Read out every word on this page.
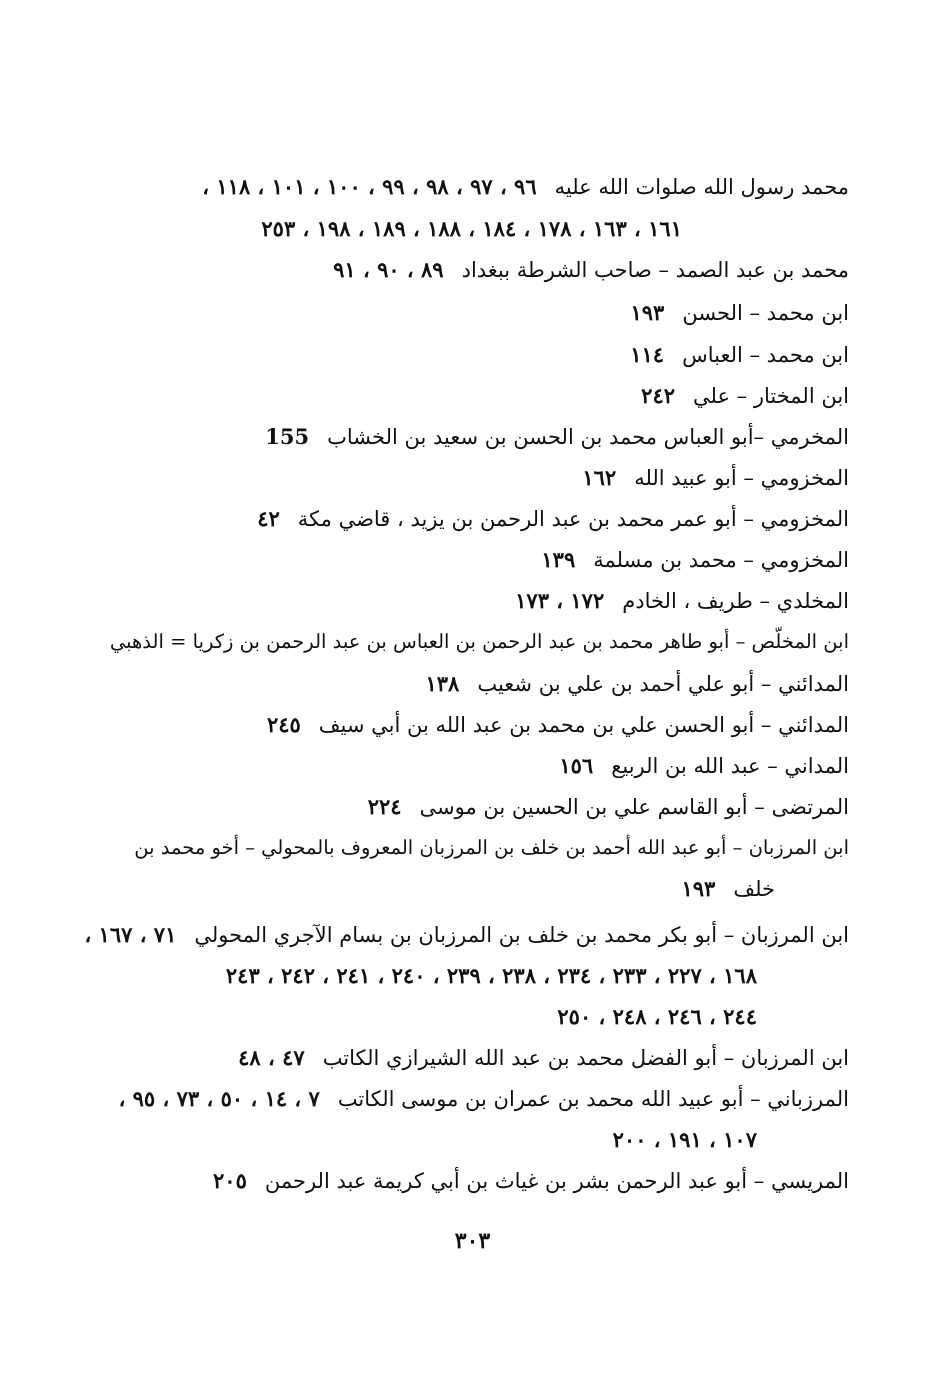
محمد رسول الله صلوات الله عليه٩٦ ، ٩٧ ، ٩٨ ، ٩٩ ، ١٠٠ ، ١٠١ ، ١١٨ ،
١٦١ ، ١٦٣ ، ١٧٨ ، ١٨٤ ، ١٨٨ ، ١٨٩ ، ١٩٨ ، ٢٥٣
محمد بن عبد الصمد – صاحب الشرطة ببغداد٨٩ ، ٩٠ ، ٩١
ابن محمد – الحسن١٩٣
ابن محمد – العباس١١٤
ابن المختار – علي٢٤٢
المخرمي –أبو العباس محمد بن الحسن بن سعيد بن الخشاب155
المخزومي – أبو عبيد الله١٦٢
المخزومي – أبو عمر محمد بن عبد الرحمن بن يزيد ، قاضي مكة٤٢
المخزومي – محمد بن مسلمة١٣٩
المخلدي – طريف ، الخادم١٧٢ ، ١٧٣
ابن المخلّص – أبو طاهر محمد بن عبد الرحمن بن العباس بن عبد الرحمن بن زكريا = الذهبي
المدائني – أبو علي أحمد بن علي بن شعيب١٣٨
المدائني – أبو الحسن علي بن محمد بن عبد الله بن أبي سيف٢٤٥
المداني – عبد الله بن الربيع١٥٦
المرتضى – أبو القاسم علي بن الحسين بن موسى٢٢٤
ابن المرزبان – أبو عبد الله أحمد بن خلف بن المرزبان المعروف بالمحولي – أخو محمد بن
خلف١٩٣
ابن المرزبان – أبو بكر محمد بن خلف بن المرزبان بن بسام الآجري المحولي٧١ ، ١٦٧ ،
١٦٨ ، ٢٢٧ ، ٢٣٣ ، ٢٣٤ ، ٢٣٨ ، ٢٣٩ ، ٢٤٠ ، ٢٤١ ، ٢٤٢ ، ٢٤٣
٢٤٤ ، ٢٤٦ ، ٢٤٨ ، ٢٥٠
ابن المرزبان – أبو الفضل محمد بن عبد الله الشيرازي الكاتب٤٧ ، ٤٨
المرزباني – أبو عبيد الله محمد بن عمران بن موسى الكاتب٧ ، ١٤ ، ٥٠ ، ٧٣ ، ٩٥ ،
١٠٧ ، ١٩١ ، ٢٠٠
المريسي – أبو عبد الرحمن بشر بن غياث بن أبي كريمة عبد الرحمن٢٠٥
٣٠٣
